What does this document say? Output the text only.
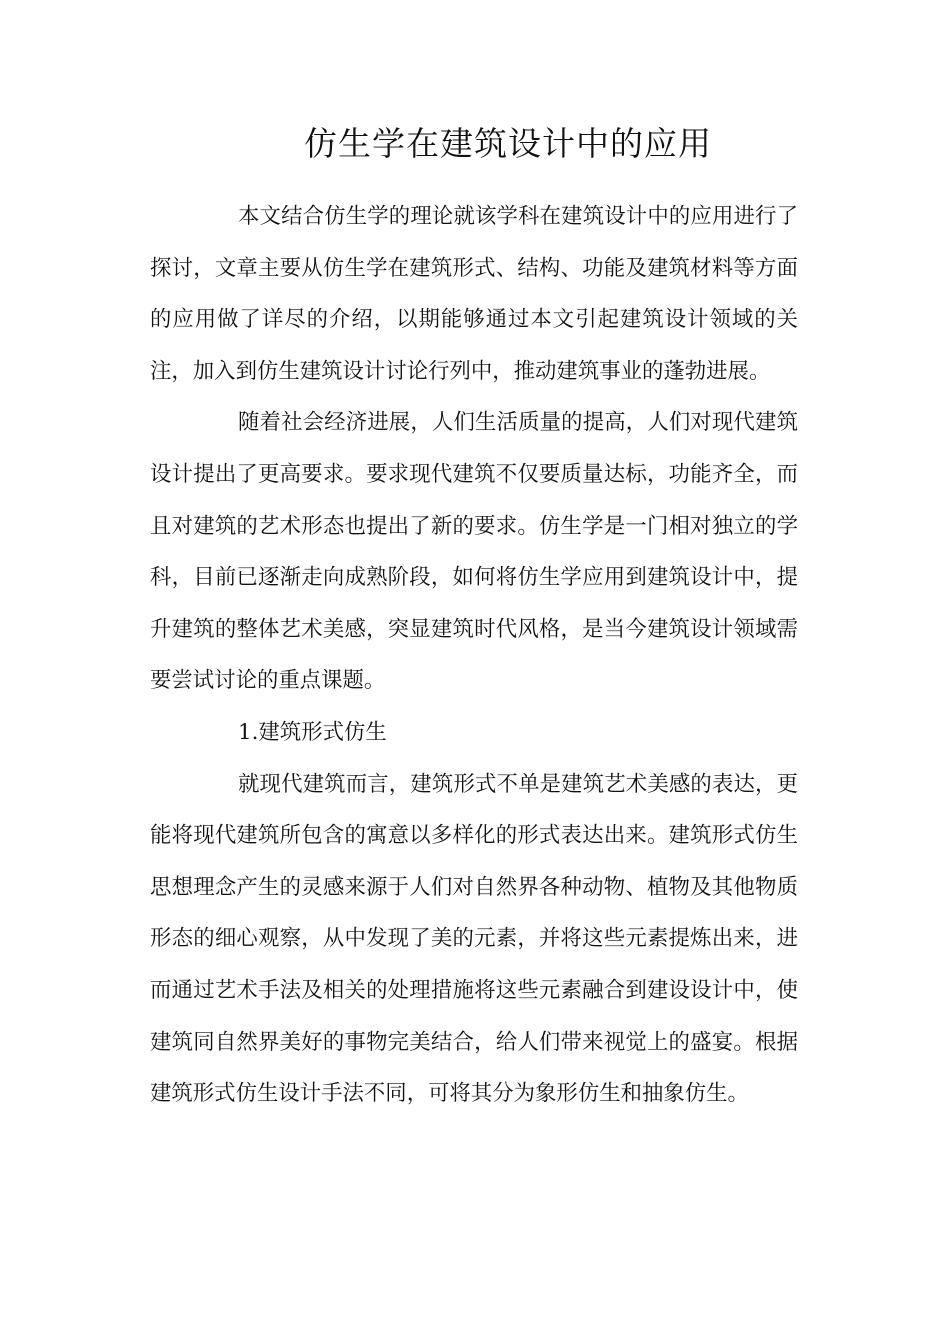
仿生学在建筑设计中的应用

本文结合仿生学的理论就该学科在建筑设计中的应用进行了探讨，文章主要从仿生学在建筑形式、结构、功能及建筑材料等方面的应用做了详尽的介绍，以期能够通过本文引起建筑设计领域的关注，加入到仿生建筑设计讨论行列中，推动建筑事业的蓬勃进展。

随着社会经济进展，人们生活质量的提高，人们对现代建筑设计提出了更高要求。要求现代建筑不仅要质量达标，功能齐全，而且对建筑的艺术形态也提出了新的要求。仿生学是一门相对独立的学科，目前已逐渐走向成熟阶段，如何将仿生学应用到建筑设计中，提升建筑的整体艺术美感，突显建筑时代风格，是当今建筑设计领域需要尝试讨论的重点课题。

1.建筑形式仿生

就现代建筑而言，建筑形式不单是建筑艺术美感的表达，更能将现代建筑所包含的寓意以多样化的形式表达出来。建筑形式仿生思想理念产生的灵感来源于人们对自然界各种动物、植物及其他物质形态的细心观察，从中发现了美的元素，并将这些元素提炼出来，进而通过艺术手法及相关的处理措施将这些元素融合到建设设计中，使建筑同自然界美好的事物完美结合，给人们带来视觉上的盛宴。根据建筑形式仿生设计手法不同，可将其分为象形仿生和抽象仿生。
